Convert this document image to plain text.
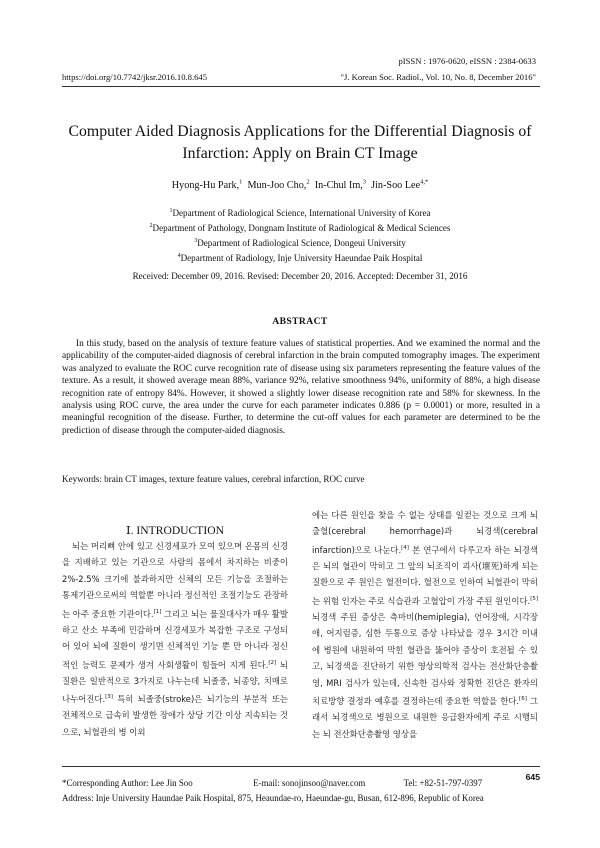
pISSN : 1976-0620, eISSN : 2384-0633
https://doi.org/10.7742/jksr.2016.10.8.645	"J. Korean Soc. Radiol., Vol. 10, No. 8, December 2016"
Computer Aided Diagnosis Applications for the Differential Diagnosis of
Infarction: Apply on Brain CT Image
Hyong-Hu Park,$^1$ Mun-Joo Cho,$^2$ In-Chul Im,$^3$ Jin-Soo Lee$^{4,*}$
$^1$Department of Radiological Science, International University of Korea
$^2$Department of Pathology, Dongnam Institute of Radiological & Medical Sciences
$^3$Department of Radiological Science, Dongeui University
$^4$Department of Radiology, Inje University Haeundae Paik Hospital
Received: December 09, 2016. Revised: December 20, 2016. Accepted: December 31, 2016
ABSTRACT
In this study, based on the analysis of texture feature values of statistical properties. And we examined the normal and the applicability of the computer-aided diagnosis of cerebral infarction in the brain computed tomography images. The experiment was analyzed to evaluate the ROC curve recognition rate of disease using six parameters representing the feature values of the texture. As a result, it showed average mean 88%, variance 92%, relative smoothness 94%, uniformity of 88%, a high disease recognition rate of entropy 84%. However, it showed a slightly lower disease recognition rate and 58% for skewness. In the analysis using ROC curve, the area under the curve for each parameter indicates 0.886 (p = 0.0001) or more, resulted in a meaningful recognition of the disease. Further, to determine the cut-off values for each parameter are determined to be the prediction of disease through the computer-aided diagnosis.
Keywords: brain CT images, texture feature values, cerebral infarction, ROC curve
Ⅰ. INTRODUCTION
뇌는 머리뼈 안에 있고 신경세포가 모여 있으며 온몸의 신경을 지배하고 있는 기관으로 사람의 몸에서 차지하는 비중이 2%-2.5% 크기에 불과하지만 신체의 모든 기능을 조절하는 통제기관으로써의 역할뿐 아니라 정신적인 조절기능도 관장하는 아주 중요한 기관이다.[1] 그리고 뇌는 물질대사가 매우 활발하고 산소 부족에 민감하며 신경세포가 복잡한 구조로 구성되어 있어 뇌에 질환이 생기면 신체적인 기능 뿐 만 아니라 정신적인 능력도 문제가 생겨 사회생활이 힘들어 지게 된다.[2] 뇌 질환은 일반적으로 3가지로 나누는데 뇌졸중, 뇌종양, 치매로 나누어진다.[3] 특히 뇌졸중(stroke)은 뇌기능의 부분적 또는 전체적으로 급속히 발생한 장애가 상당 기간 이상 지속되는 것으로, 뇌혈관의 병 이외
에는 다른 원인을 찾을 수 없는 상태를 일컫는 것으로 크게 뇌출혈(cerebral hemorrhage)과 뇌경색(cerebral infarction)으로 나눈다.[4] 본 연구에서 다루고자 하는 뇌경색은 뇌의 혈관이 막히고 그 앞의 뇌조직이 괴사(壞死)하게 되는 질환으로 주 원인은 혈전이다. 혈전으로 인하여 뇌혈관이 막히는 위험 인자는 주로 식습관과 고혈압이 가장 주된 원인이다.[5] 뇌경색 주된 증상은 측마비(hemiplegia), 언어장애, 시각장애, 어지럼증, 심한 두통으로 증상 나타났을 경우 3시간 이내에 병원에 내원하여 막힌 혈관을 뚫어야 증상이 호전될 수 있고, 뇌경색을 진단하기 위한 영상의학적 검사는 전산화단층촬영, MRI 검사가 있는데, 신속한 검사와 정확한 진단은 환자의 치료방향 결정과 예후를 결정하는데 중요한 역할을 한다.[6] 그래서 뇌경색으로 병원으로 내원한 응급환자에게 주로 시행되는 뇌 전산화단층촬영 영상을
645
*Corresponding Author: Lee Jin Soo	E-mail: sonojinsoo@naver.com	Tel: +82-51-797-0397
Address: Inje University Haundae Paik Hospital, 875, Heaundae-ro, Haeundae-gu, Busan, 612-896, Republic of Korea
